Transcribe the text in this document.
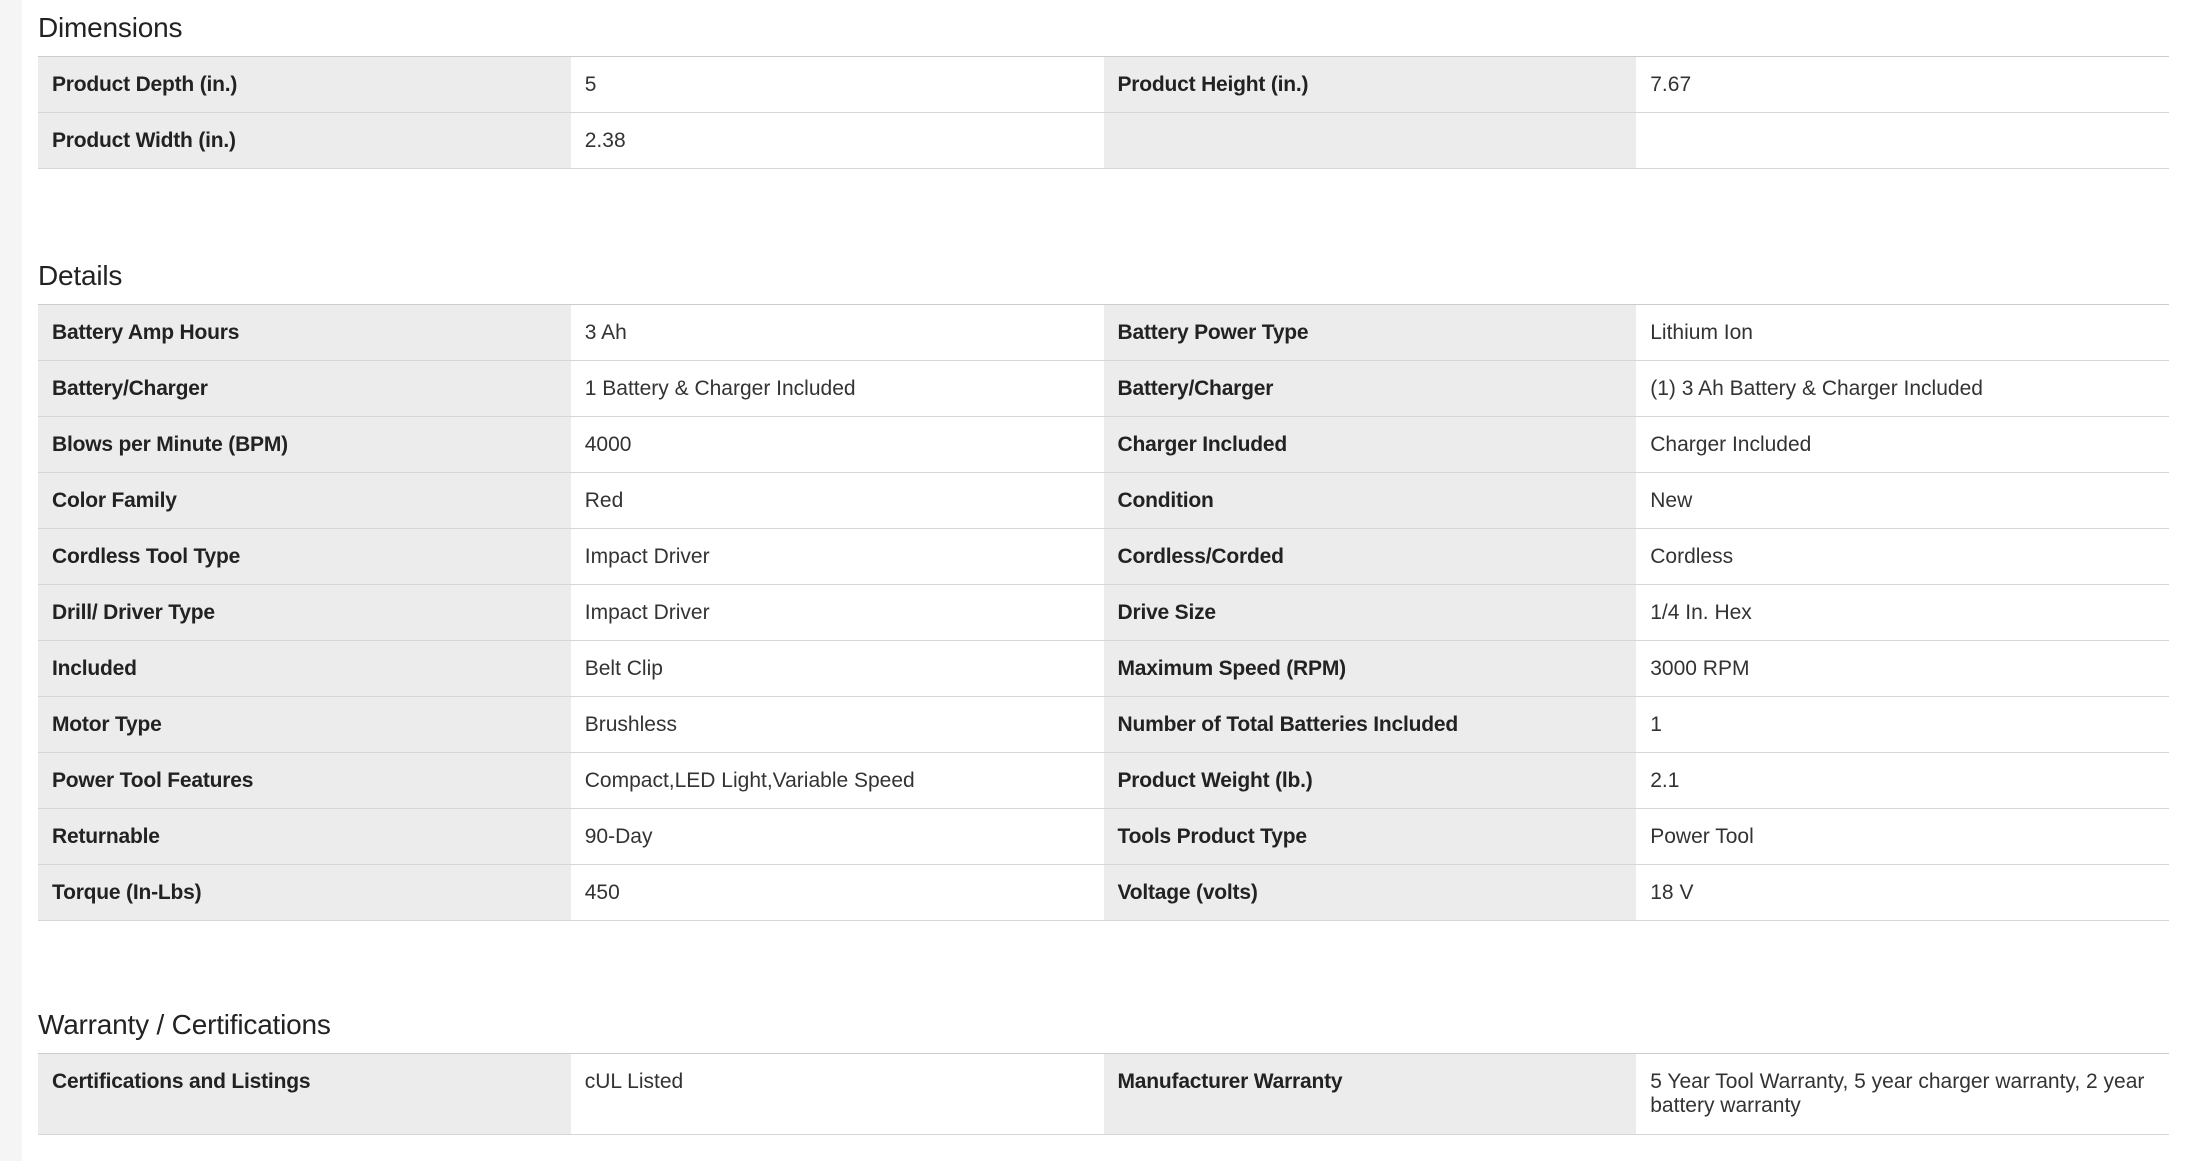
Dimensions
Product Depth (in.)	5	Product Height (in.)	7.67
Product Width (in.)	2.38
Details
Battery Amp Hours	3 Ah	Battery Power Type	Lithium Ion
Battery/Charger	1 Battery & Charger Included	Battery/Charger	(1) 3 Ah Battery & Charger Included
Blows per Minute (BPM)	4000	Charger Included	Charger Included
Color Family	Red	Condition	New
Cordless Tool Type	Impact Driver	Cordless/Corded	Cordless
Drill/ Driver Type	Impact Driver	Drive Size	1/4 In. Hex
Included	Belt Clip	Maximum Speed (RPM)	3000 RPM
Motor Type	Brushless	Number of Total Batteries Included	1
Power Tool Features	Compact,LED Light,Variable Speed	Product Weight (lb.)	2.1
Returnable	90-Day	Tools Product Type	Power Tool
Torque (In-Lbs)	450	Voltage (volts)	18 V
Warranty / Certifications
Certifications and Listings	cUL Listed	Manufacturer Warranty	5 Year Tool Warranty, 5 year charger warranty, 2 year battery warranty
